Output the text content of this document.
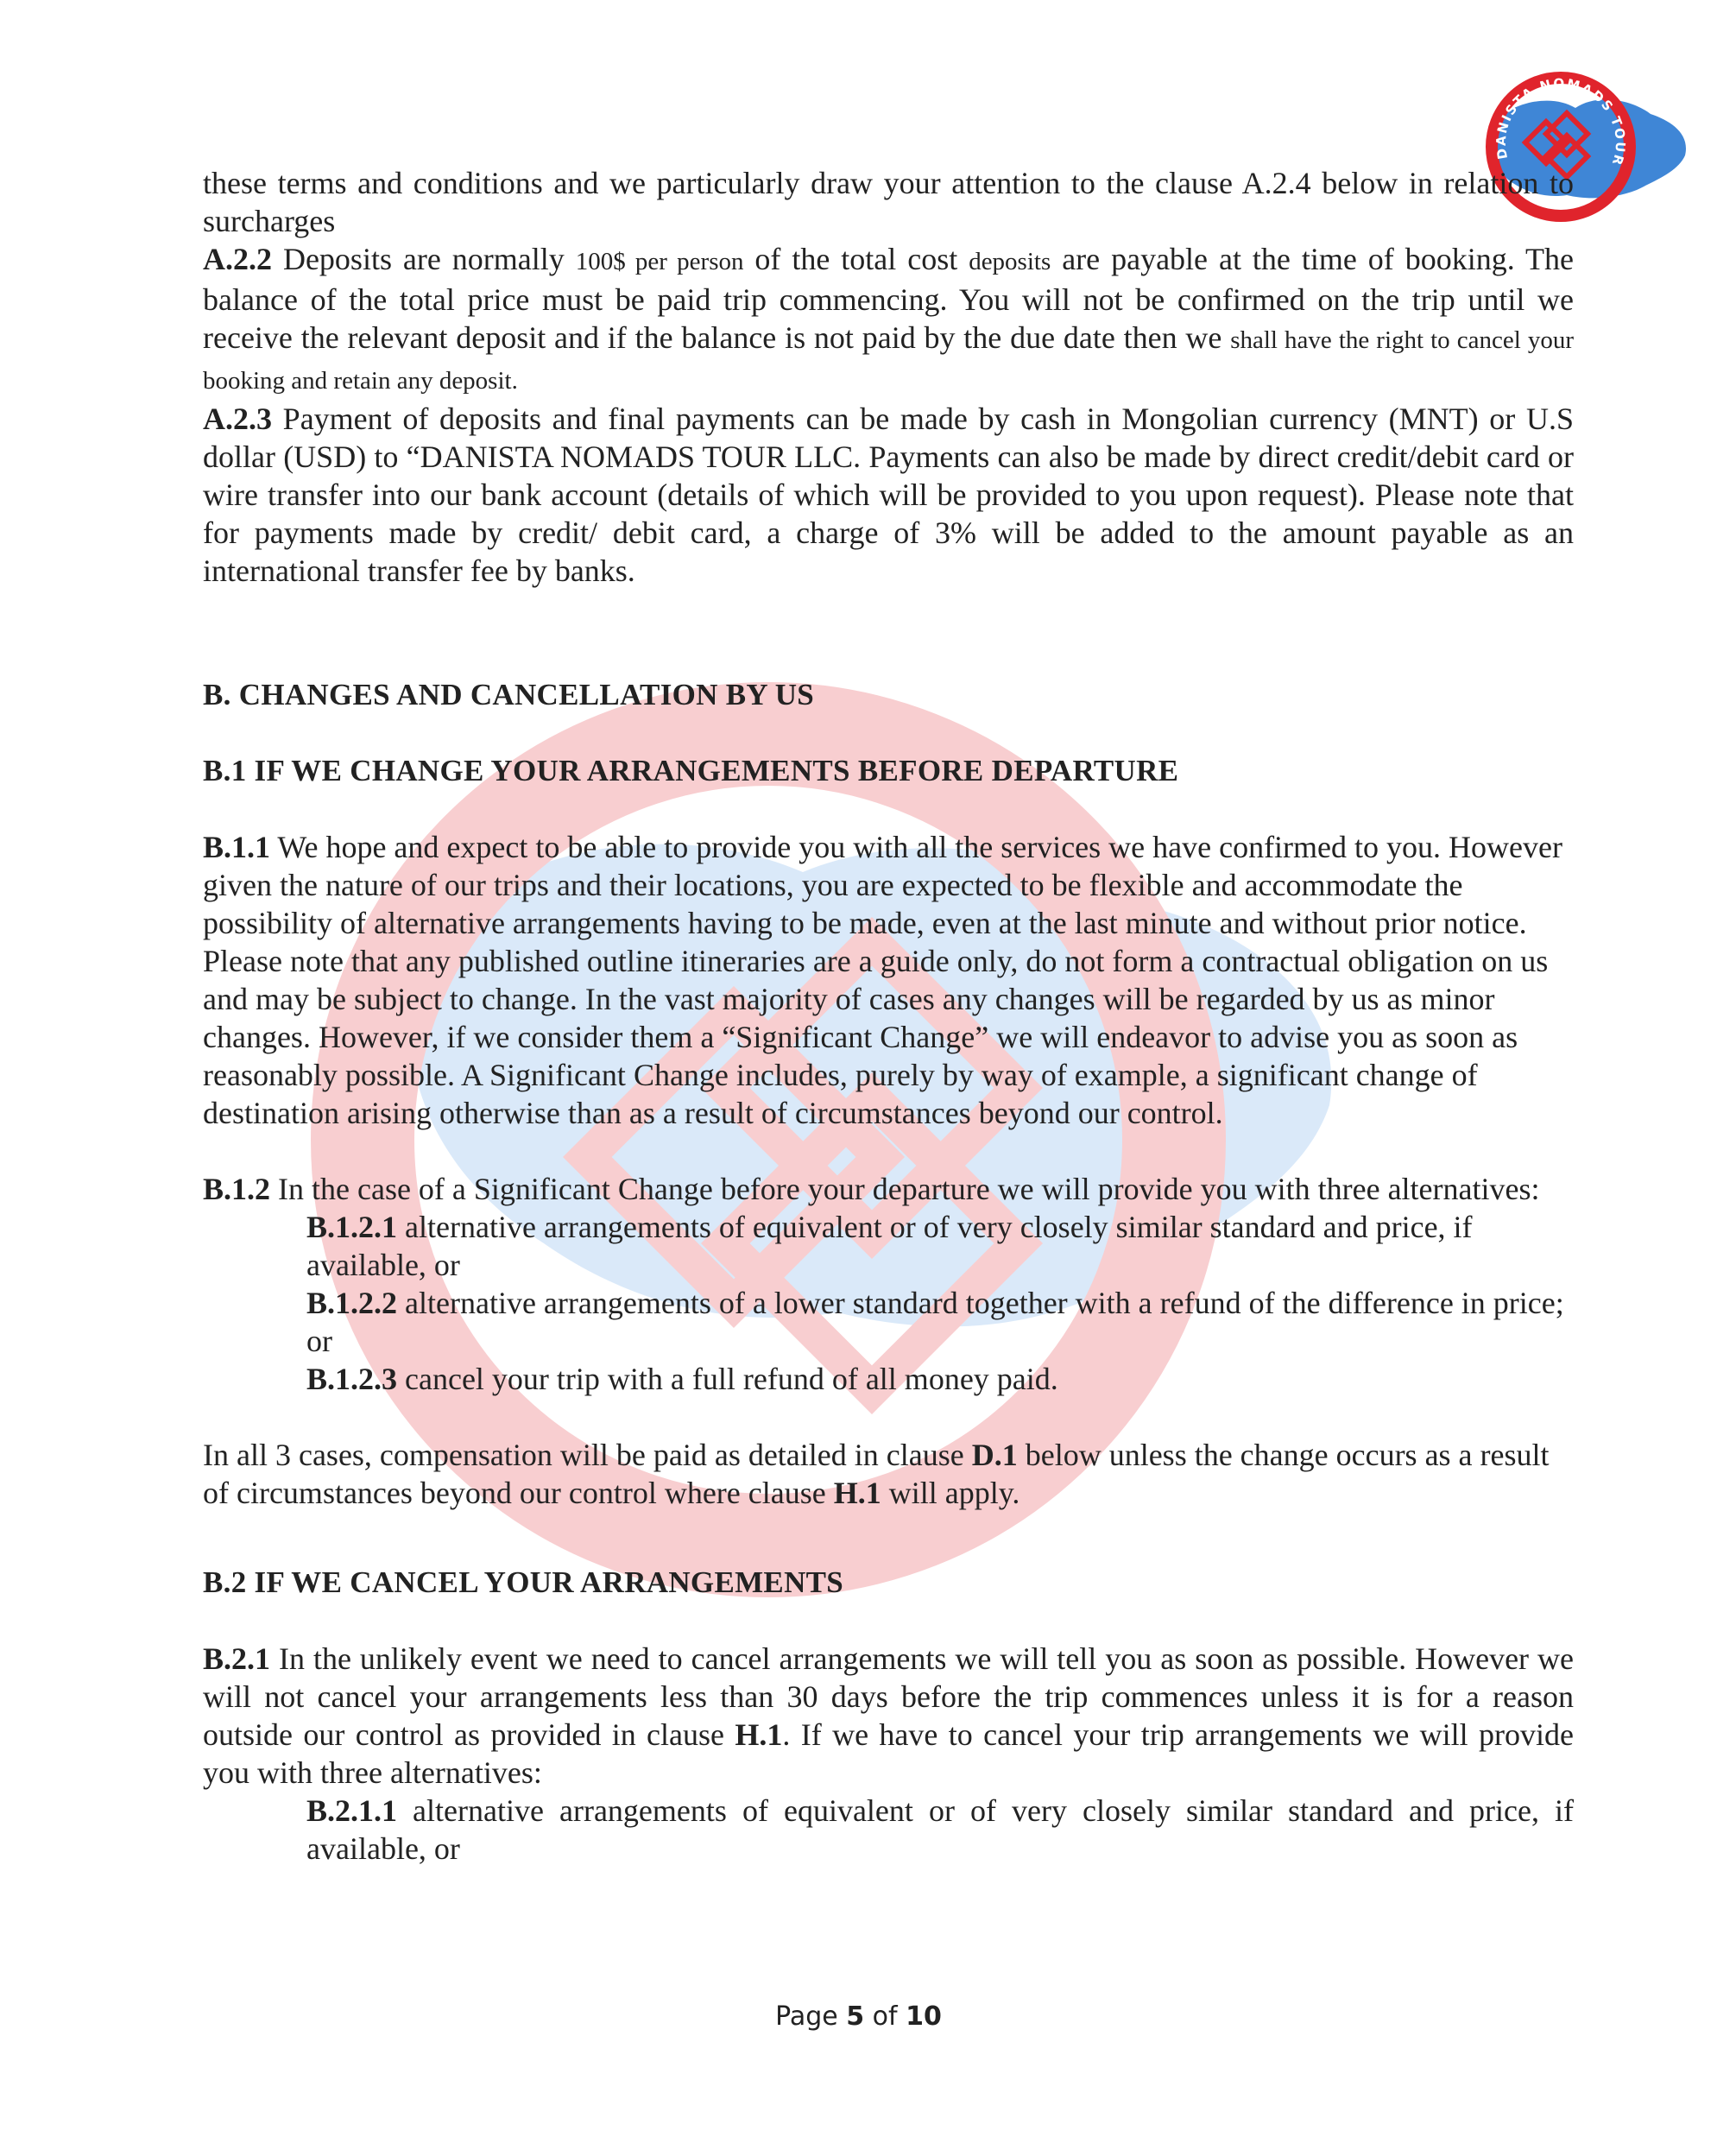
DANISTA NOMADS TOUR

these terms and conditions and we particularly draw your attention to the clause A.2.4 below in relation to surcharges

A.2.2 Deposits are normally 100$ per person of the total cost deposits are payable at the time of booking. The balance of the total price must be paid trip commencing. You will not be confirmed on the trip until we receive the relevant deposit and if the balance is not paid by the due date then we shall have the right to cancel your booking and retain any deposit.

A.2.3 Payment of deposits and final payments can be made by cash in Mongolian currency (MNT) or U.S dollar (USD) to “DANISTA NOMADS TOUR LLC. Payments can also be made by direct credit/debit card or wire transfer into our bank account (details of which will be provided to you upon request). Please note that for payments made by credit/ debit card, a charge of 3% will be added to the amount payable as an international transfer fee by banks.

B. CHANGES AND CANCELLATION BY US

B.1 IF WE CHANGE YOUR ARRANGEMENTS BEFORE DEPARTURE

B.1.1 We hope and expect to be able to provide you with all the services we have confirmed to you. However given the nature of our trips and their locations, you are expected to be flexible and accommodate the possibility of alternative arrangements having to be made, even at the last minute and without prior notice. Please note that any published outline itineraries are a guide only, do not form a contractual obligation on us and may be subject to change. In the vast majority of cases any changes will be regarded by us as minor changes. However, if we consider them a “Significant Change” we will endeavor to advise you as soon as reasonably possible. A Significant Change includes, purely by way of example, a significant change of destination arising otherwise than as a result of circumstances beyond our control.

B.1.2 In the case of a Significant Change before your departure we will provide you with three alternatives:

B.1.2.1 alternative arrangements of equivalent or of very closely similar standard and price, if available, or

B.1.2.2 alternative arrangements of a lower standard together with a refund of the difference in price; or

B.1.2.3 cancel your trip with a full refund of all money paid.

In all 3 cases, compensation will be paid as detailed in clause D.1 below unless the change occurs as a result of circumstances beyond our control where clause H.1 will apply.

B.2 IF WE CANCEL YOUR ARRANGEMENTS

B.2.1 In the unlikely event we need to cancel arrangements we will tell you as soon as possible. However we will not cancel your arrangements less than 30 days before the trip commences unless it is for a reason outside our control as provided in clause H.1. If we have to cancel your trip arrangements we will provide you with three alternatives:

B.2.1.1 alternative arrangements of equivalent or of very closely similar standard and price, if available, or

Page 5 of 10
